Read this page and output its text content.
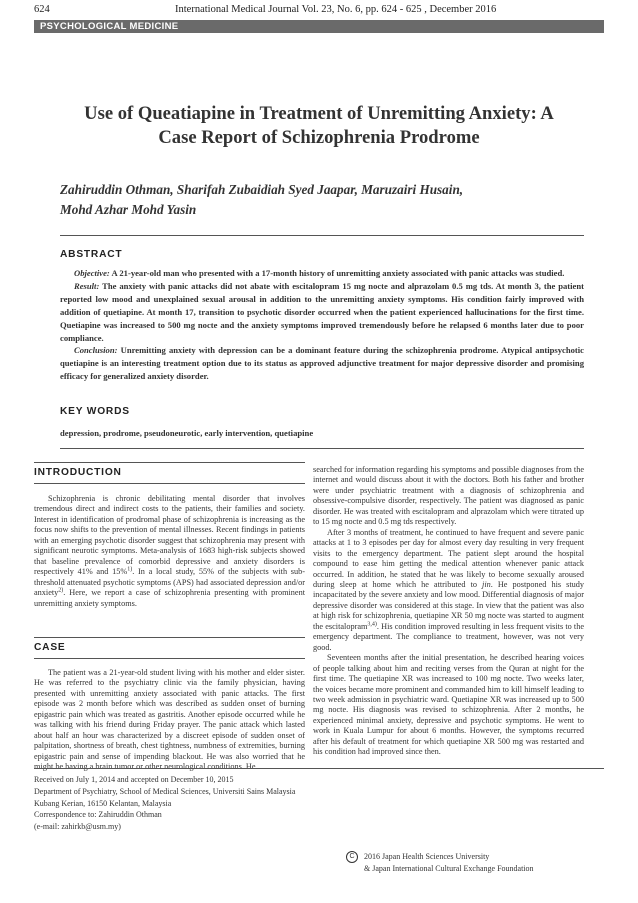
624	International Medical Journal Vol. 23, No. 6, pp. 624 - 625 , December 2016
PSYCHOLOGICAL MEDICINE
Use of Queatiapine in Treatment of Unremitting Anxiety: A
Case Report of Schizophrenia Prodrome
Zahiruddin Othman, Sharifah Zubaidiah Syed Jaapar, Maruzairi Husain,
Mohd Azhar Mohd Yasin
ABSTRACT

Objective: A 21-year-old man who presented with a 17-month history of unremitting anxiety associated with panic attacks was studied.

Result: The anxiety with panic attacks did not abate with escitalopram 15 mg nocte and alprazolam 0.5 mg tds. At month 3, the patient reported low mood and unexplained sexual arousal in addition to the unremitting anxiety symptoms. His condition fairly improved with addition of quetiapine. At month 17, transition to psychotic disorder occurred when the patient experienced hallucinations for the first time. Quetiapine was increased to 500 mg nocte and the anxiety symptoms improved tremendously before he relapsed 6 months later due to poor compliance.

Conclusion: Unremitting anxiety with depression can be a dominant feature during the schizophrenia prodrome. Atypical antipsychotic quetiapine is an interesting treatment option due to its status as approved adjunctive treatment for major depressive disorder and promising efficacy for generalized anxiety disorder.

KEY WORDS
depression, prodrome, pseudoneurotic, early intervention, quetiapine
INTRODUCTION

Schizophrenia is chronic debilitating mental disorder that involves tremendous direct and indirect costs to the patients, their families and society. Interest in identification of prodromal phase of schizophrenia is increasing as the focus now shifts to the prevention of mental illnesses. Recent findings in patients with an emerging psychotic disorder suggest that schizophrenia may present with significant neurotic symptoms. Meta-analysis of 1683 high-risk subjects showed that baseline prevalence of comorbid depressive and anxiety disorders is respectively 41% and 15%$^{1)}$. In a local study, 55% of the subjects with sub-threshold attenuated psychotic symptoms (APS) had associated depression and/or anxiety$^{2)}$. Here, we report a case of schizophrenia presenting with prominent unremitting anxiety symptoms.

CASE

The patient was a 21-year-old student living with his mother and elder sister. He was referred to the psychiatry clinic via the family physician, having presented with unremitting anxiety associated with panic attacks. The first episode was 2 month before which was described as sudden onset of burning epigastric pain which was treated as gastritis. Another episode occurred while he was talking with his friend during Friday prayer. The panic attack which lasted about half an hour was characterized by a discreet episode of sudden onset of palpitation, shortness of breath, chest tightness, numbness of extremities, burning epigastric pain and sense of impending blackout. He was also worried that he might be having a brain tumor or other neurological conditions. He

searched for information regarding his symptoms and possible diagnoses from the internet and would discuss about it with the doctors. Both his father and brother were under psychiatric treatment with a diagnosis of schizophrenia and obsessive-compulsive disorder, respectively. The patient was diagnosed as panic disorder. He was treated with escitalopram and alprazolam which were titrated up to 15 mg nocte and 0.5 mg tds respectively.

After 3 months of treatment, he continued to have frequent and severe panic attacks at 1 to 3 episodes per day for almost every day resulting in very frequent visits to the emergency department. The patient slept around the hospital compound to ease him getting the medical attention whenever panic attack occurred. In addition, he stated that he was likely to become sexually aroused during sleep at home which he attributed to jin. He postponed his study incapacitated by the severe anxiety and low mood. Differential diagnosis of major depressive disorder was considered at this stage. In view that the patient was also at high risk for schizophrenia, quetiapine XR 50 mg nocte was started to augment the escitalopram$^{3,4)}$. His condition improved resulting in less frequent visits to the emergency department. The compliance to treatment, however, was not very good.

Seventeen months after the initial presentation, he described hearing voices of people talking about him and reciting verses from the Quran at night for the first time. The quetiapine XR was increased to 100 mg nocte. Two weeks later, the voices became more prominent and commanded him to kill himself leading to two week admission in psychiatric ward. Quetiapine XR was increased up to 500 mg nocte. His diagnosis was revised to schizophrenia. After 2 months, he experienced minimal anxiety, depressive and psychotic symptoms. He went to work in Kuala Lumpur for about 6 months. However, the symptoms recurred after his default of treatment for which quetiapine XR 500 mg was restarted and his condition had improved since then.

Received on July 1, 2014 and accepted on December 10, 2015
Department of Psychiatry, School of Medical Sciences, Universiti Sains Malaysia
Kubang Kerian, 16150 Kelantan, Malaysia
Correspondence to: Zahiruddin Othman
(e-mail: zahirkb@usm.my)
C 2016 Japan Health Sciences University
& Japan International Cultural Exchange Foundation
